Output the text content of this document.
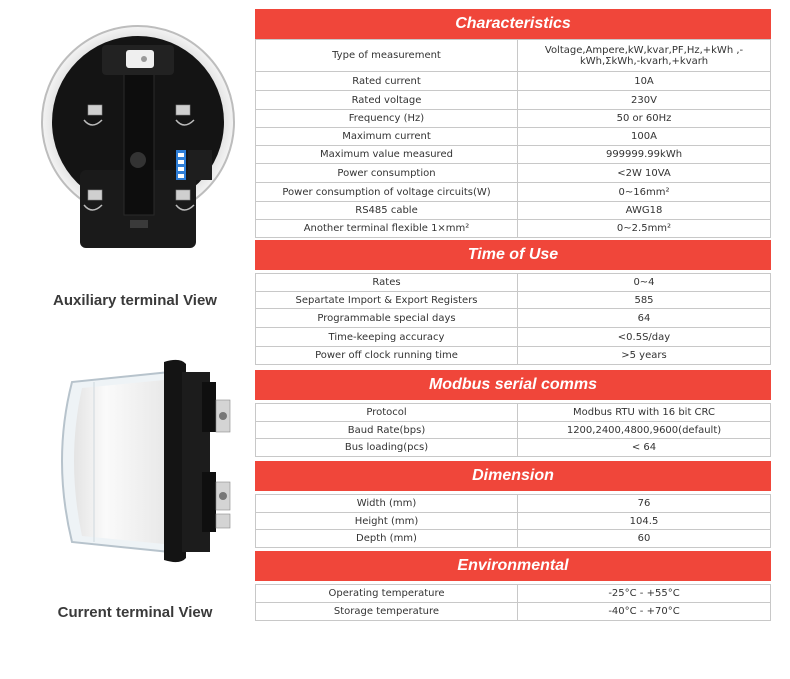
Auxiliary terminal View
Current terminal View
Characteristics
Type of measurement	Voltage,Ampere,kW,kvar,PF,Hz,+kWh ,-kWh,ΣkWh,-kvarh,+kvarh
Rated current	10A
Rated voltage	230V
Frequency (Hz)	50 or 60Hz
Maximum current	100A
Maximum value measured	999999.99kWh
Power consumption	<2W 10VA
Power consumption of voltage circuits(W)	0~16mm²
RS485 cable	AWG18
Another terminal flexible 1×mm²	0~2.5mm²
Time of Use
Rates	0~4
Separtate Import & Export Registers	585
Programmable special days	64
Time-keeping accuracy	<0.5S/day
Power off clock running time	>5 years
Modbus serial comms
Protocol	Modbus RTU with 16 bit CRC
Baud Rate(bps)	1200,2400,4800,9600(default)
Bus loading(pcs)	< 64
Dimension
Width (mm)	76
Height (mm)	104.5
Depth (mm)	60
Environmental
Operating temperature	-25°C - +55°C
Storage temperature	-40°C - +70°C
